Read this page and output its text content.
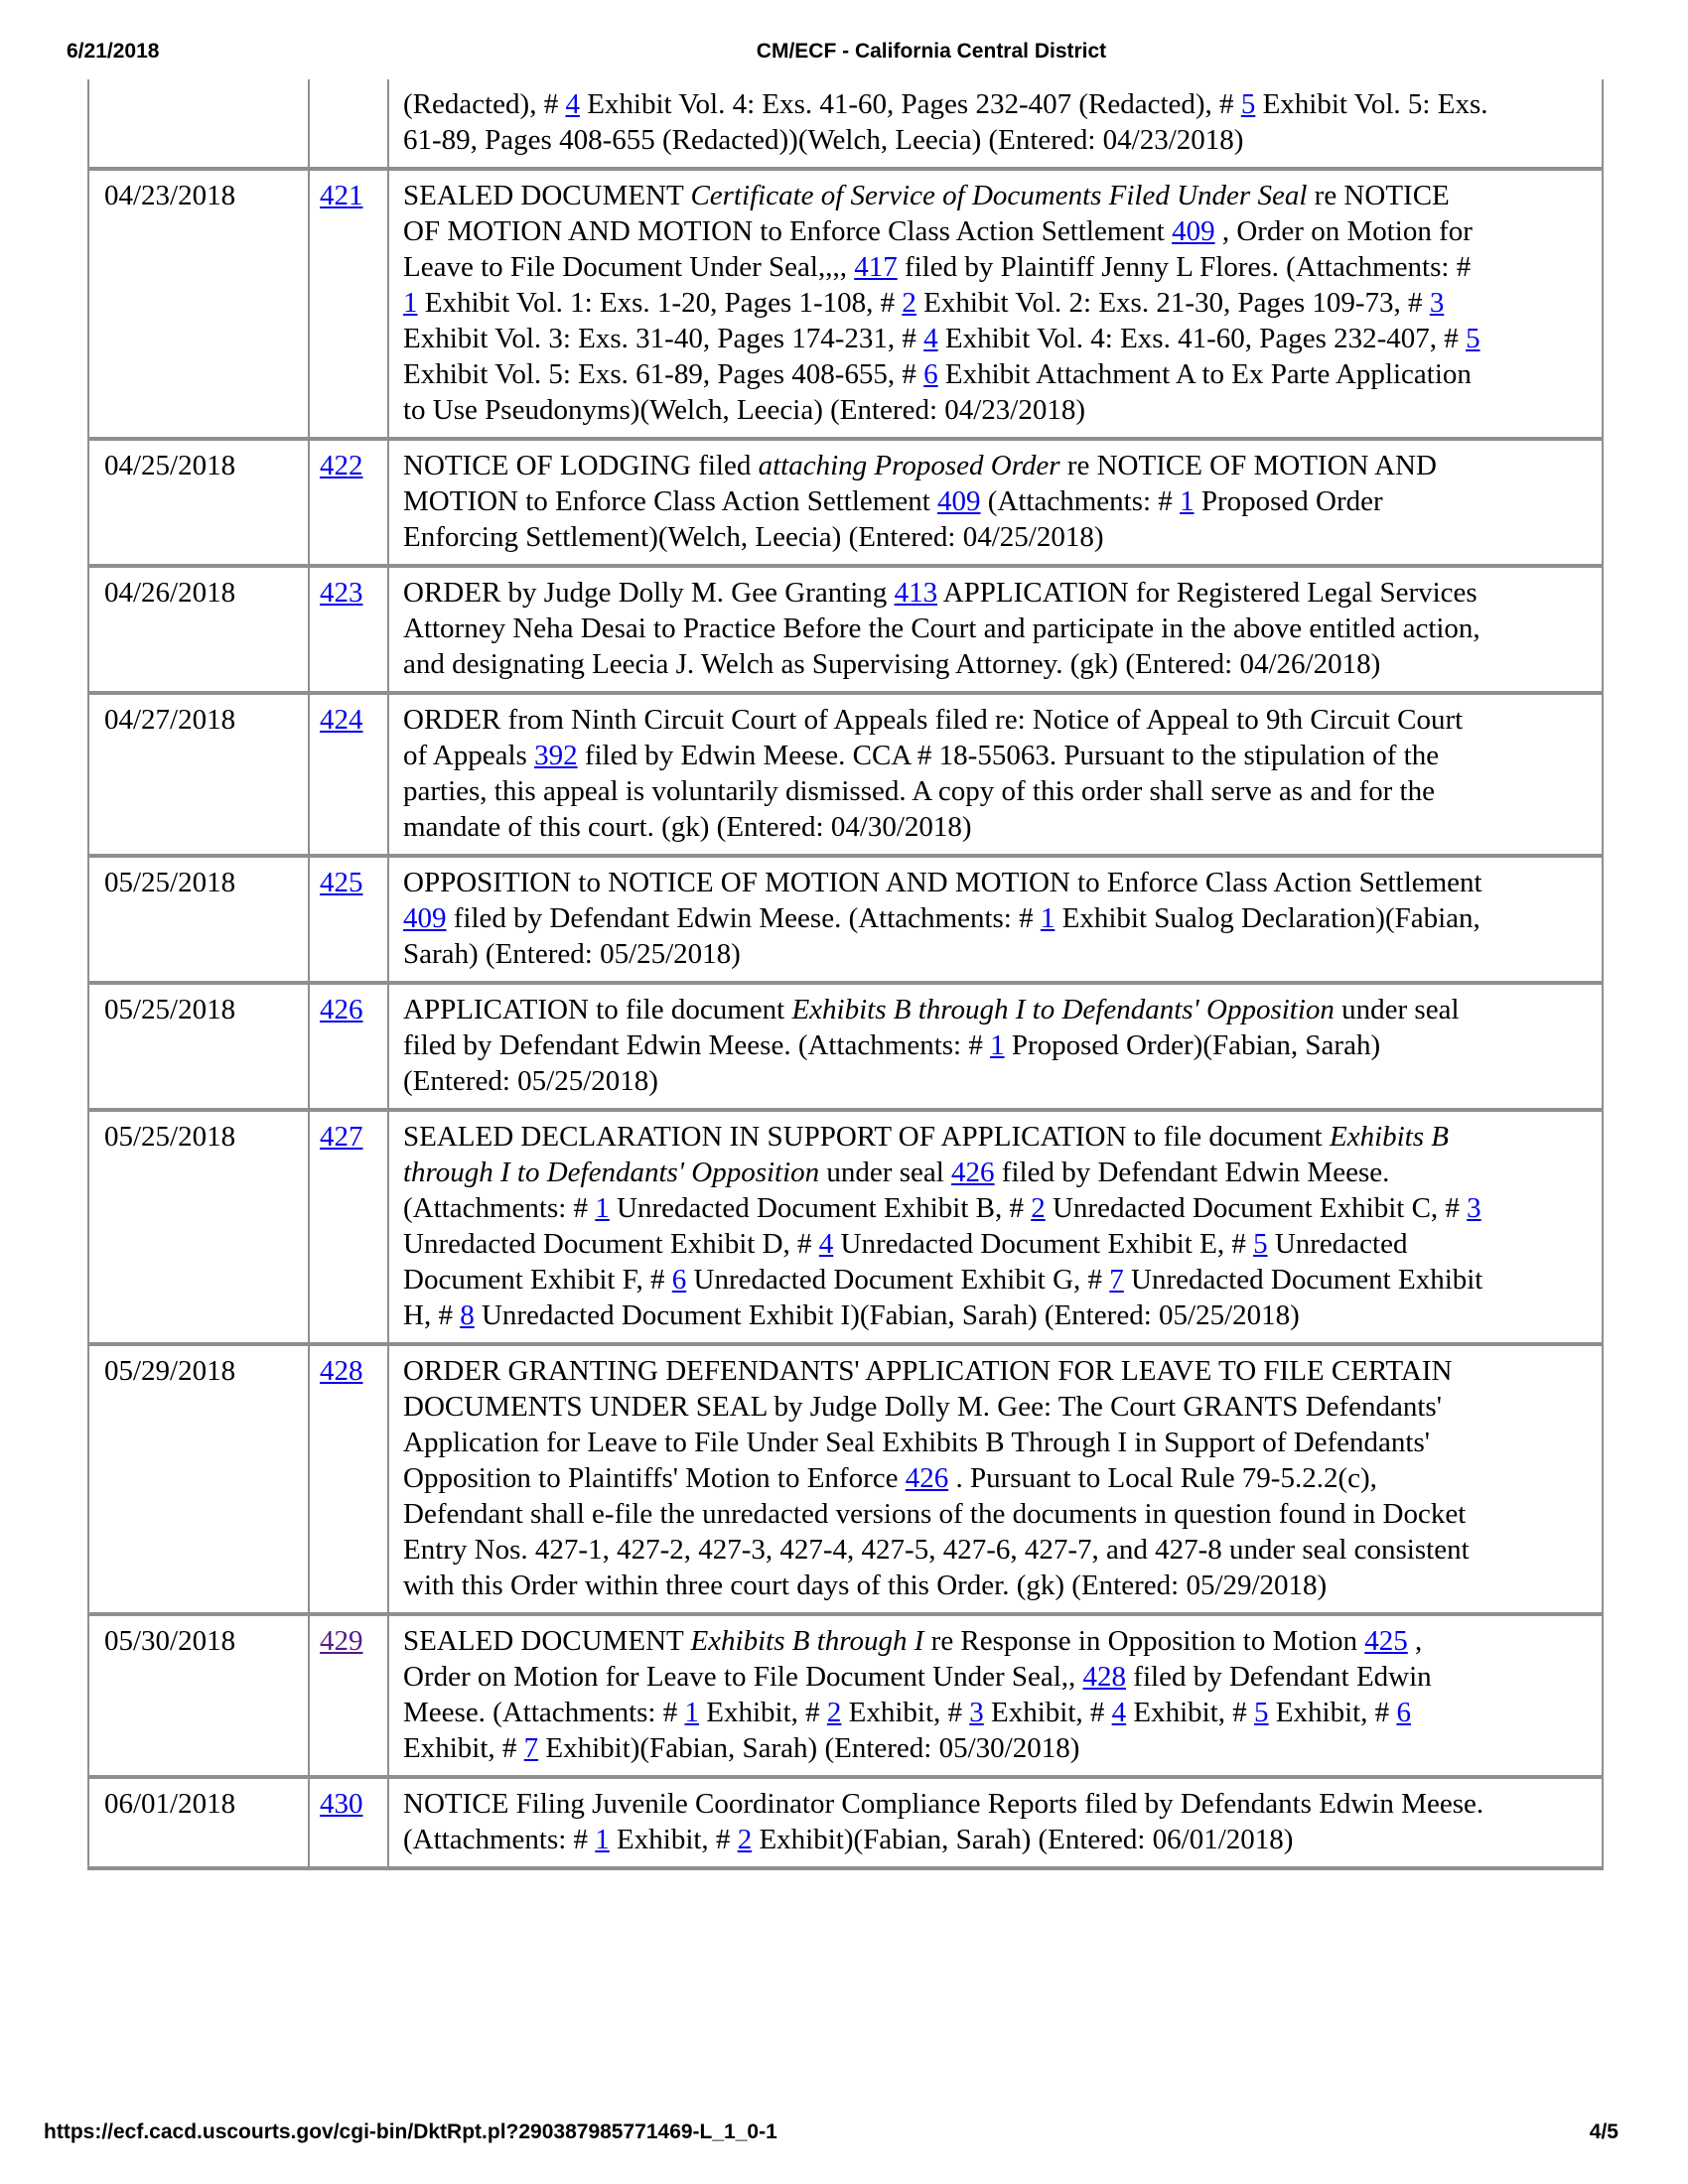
6/21/2018	CM/ECF - California Central District
		(Redacted), # 4 Exhibit Vol. 4: Exs. 41-60, Pages 232-407 (Redacted), # 5 Exhibit Vol. 5: Exs. 61-89, Pages 408-655 (Redacted))(Welch, Leecia) (Entered: 04/23/2018)
04/23/2018	421	SEALED DOCUMENT Certificate of Service of Documents Filed Under Seal re NOTICE OF MOTION AND MOTION to Enforce Class Action Settlement 409 , Order on Motion for Leave to File Document Under Seal,,,, 417 filed by Plaintiff Jenny L Flores. (Attachments: # 1 Exhibit Vol. 1: Exs. 1-20, Pages 1-108, # 2 Exhibit Vol. 2: Exs. 21-30, Pages 109-73, # 3 Exhibit Vol. 3: Exs. 31-40, Pages 174-231, # 4 Exhibit Vol. 4: Exs. 41-60, Pages 232-407, # 5 Exhibit Vol. 5: Exs. 61-89, Pages 408-655, # 6 Exhibit Attachment A to Ex Parte Application to Use Pseudonyms)(Welch, Leecia) (Entered: 04/23/2018)
04/25/2018	422	NOTICE OF LODGING filed attaching Proposed Order re NOTICE OF MOTION AND MOTION to Enforce Class Action Settlement 409 (Attachments: # 1 Proposed Order Enforcing Settlement)(Welch, Leecia) (Entered: 04/25/2018)
04/26/2018	423	ORDER by Judge Dolly M. Gee Granting 413 APPLICATION for Registered Legal Services Attorney Neha Desai to Practice Before the Court and participate in the above entitled action, and designating Leecia J. Welch as Supervising Attorney. (gk) (Entered: 04/26/2018)
04/27/2018	424	ORDER from Ninth Circuit Court of Appeals filed re: Notice of Appeal to 9th Circuit Court of Appeals 392 filed by Edwin Meese. CCA # 18-55063. Pursuant to the stipulation of the parties, this appeal is voluntarily dismissed. A copy of this order shall serve as and for the mandate of this court. (gk) (Entered: 04/30/2018)
05/25/2018	425	OPPOSITION to NOTICE OF MOTION AND MOTION to Enforce Class Action Settlement 409 filed by Defendant Edwin Meese. (Attachments: # 1 Exhibit Sualog Declaration)(Fabian, Sarah) (Entered: 05/25/2018)
05/25/2018	426	APPLICATION to file document Exhibits B through I to Defendants' Opposition under seal filed by Defendant Edwin Meese. (Attachments: # 1 Proposed Order)(Fabian, Sarah) (Entered: 05/25/2018)
05/25/2018	427	SEALED DECLARATION IN SUPPORT OF APPLICATION to file document Exhibits B through I to Defendants' Opposition under seal 426 filed by Defendant Edwin Meese. (Attachments: # 1 Unredacted Document Exhibit B, # 2 Unredacted Document Exhibit C, # 3 Unredacted Document Exhibit D, # 4 Unredacted Document Exhibit E, # 5 Unredacted Document Exhibit F, # 6 Unredacted Document Exhibit G, # 7 Unredacted Document Exhibit H, # 8 Unredacted Document Exhibit I)(Fabian, Sarah) (Entered: 05/25/2018)
05/29/2018	428	ORDER GRANTING DEFENDANTS' APPLICATION FOR LEAVE TO FILE CERTAIN DOCUMENTS UNDER SEAL by Judge Dolly M. Gee: The Court GRANTS Defendants' Application for Leave to File Under Seal Exhibits B Through I in Support of Defendants' Opposition to Plaintiffs' Motion to Enforce 426 . Pursuant to Local Rule 79-5.2.2(c), Defendant shall e-file the unredacted versions of the documents in question found in Docket Entry Nos. 427-1, 427-2, 427-3, 427-4, 427-5, 427-6, 427-7, and 427-8 under seal consistent with this Order within three court days of this Order. (gk) (Entered: 05/29/2018)
05/30/2018	429	SEALED DOCUMENT Exhibits B through I re Response in Opposition to Motion 425 , Order on Motion for Leave to File Document Under Seal,, 428 filed by Defendant Edwin Meese. (Attachments: # 1 Exhibit, # 2 Exhibit, # 3 Exhibit, # 4 Exhibit, # 5 Exhibit, # 6 Exhibit, # 7 Exhibit)(Fabian, Sarah) (Entered: 05/30/2018)
06/01/2018	430	NOTICE Filing Juvenile Coordinator Compliance Reports filed by Defendants Edwin Meese. (Attachments: # 1 Exhibit, # 2 Exhibit)(Fabian, Sarah) (Entered: 06/01/2018)
https://ecf.cacd.uscourts.gov/cgi-bin/DktRpt.pl?290387985771469-L_1_0-1	4/5
